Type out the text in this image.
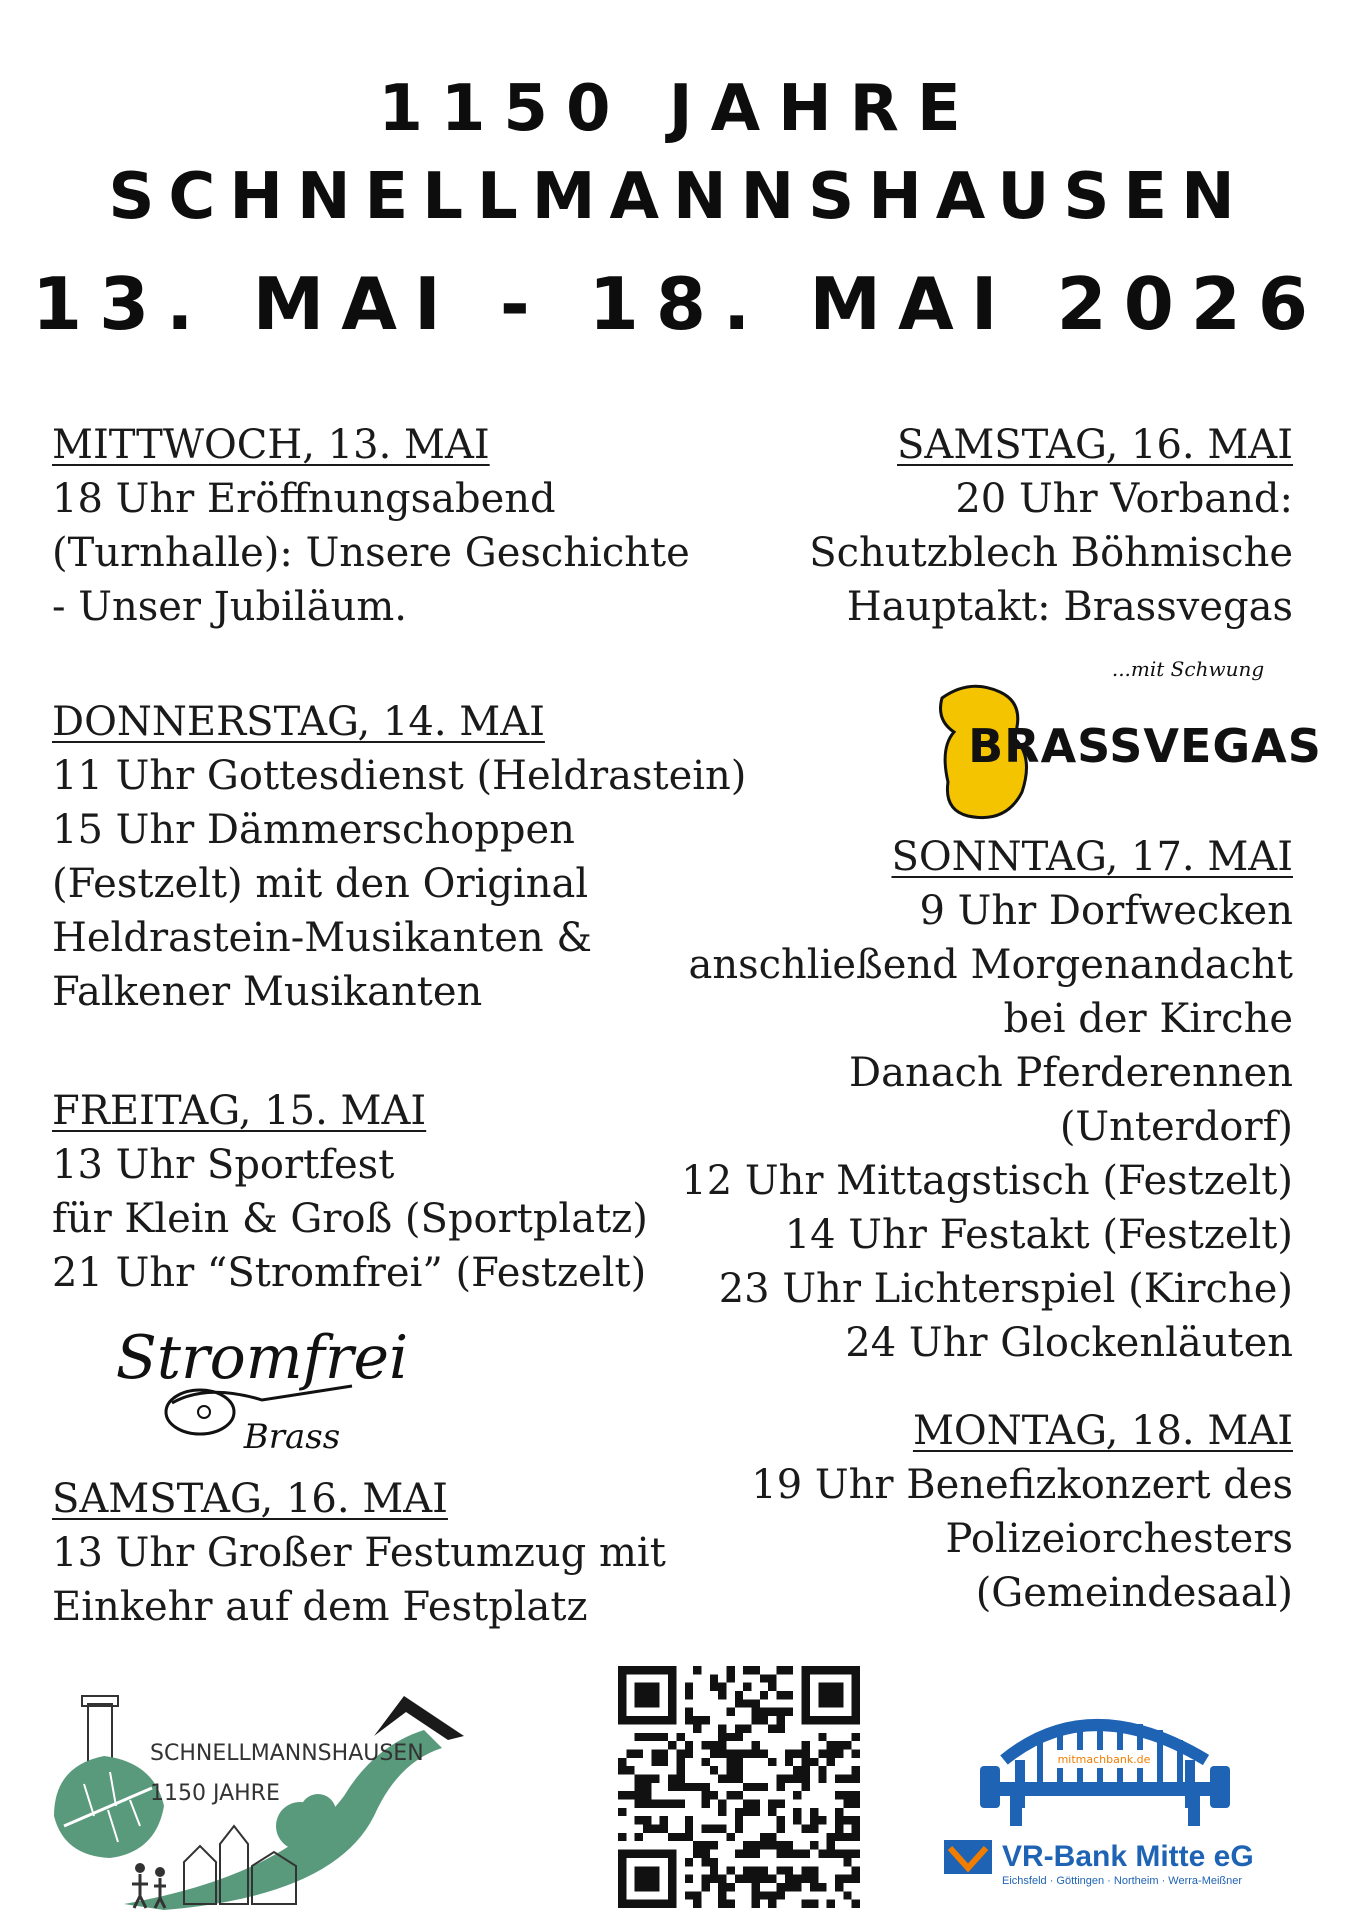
1150 JAHRE
SCHNELLMANNSHAUSEN
13. MAI - 18. MAI 2026
MITTWOCH, 13. MAI
18 Uhr Eröffnungsabend
(Turnhalle): Unsere Geschichte
- Unser Jubiläum.
DONNERSTAG, 14. MAI
11 Uhr Gottesdienst (Heldrastein)
15 Uhr Dämmerschoppen
(Festzelt) mit den Original
Heldrastein-Musikanten &
Falkener Musikanten
FREITAG, 15. MAI
13 Uhr Sportfest
für Klein & Groß (Sportplatz)
21 Uhr “Stromfrei” (Festzelt)
Stromfrei
Brass
SAMSTAG, 16. MAI
13 Uhr Großer Festumzug mit
Einkehr auf dem Festplatz
SAMSTAG, 16. MAI
20 Uhr Vorband:
Schutzblech Böhmische
Hauptakt: Brassvegas
...mit Schwung
BRASSVEGAS
SONNTAG, 17. MAI
9 Uhr Dorfwecken
anschließend Morgenandacht
bei der Kirche
Danach Pferderennen
(Unterdorf)
12 Uhr Mittagstisch (Festzelt)
14 Uhr Festakt (Festzelt)
23 Uhr Lichterspiel (Kirche)
24 Uhr Glockenläuten
MONTAG, 18. MAI
19 Uhr Benefizkonzert des
Polizeiorchesters
(Gemeindesaal)
SCHNELLMANNSHAUSEN
1150 JAHRE
mitmachbank.de
VR-Bank Mitte eG
Eichsfeld · Göttingen · Northeim · Werra-Meißner
